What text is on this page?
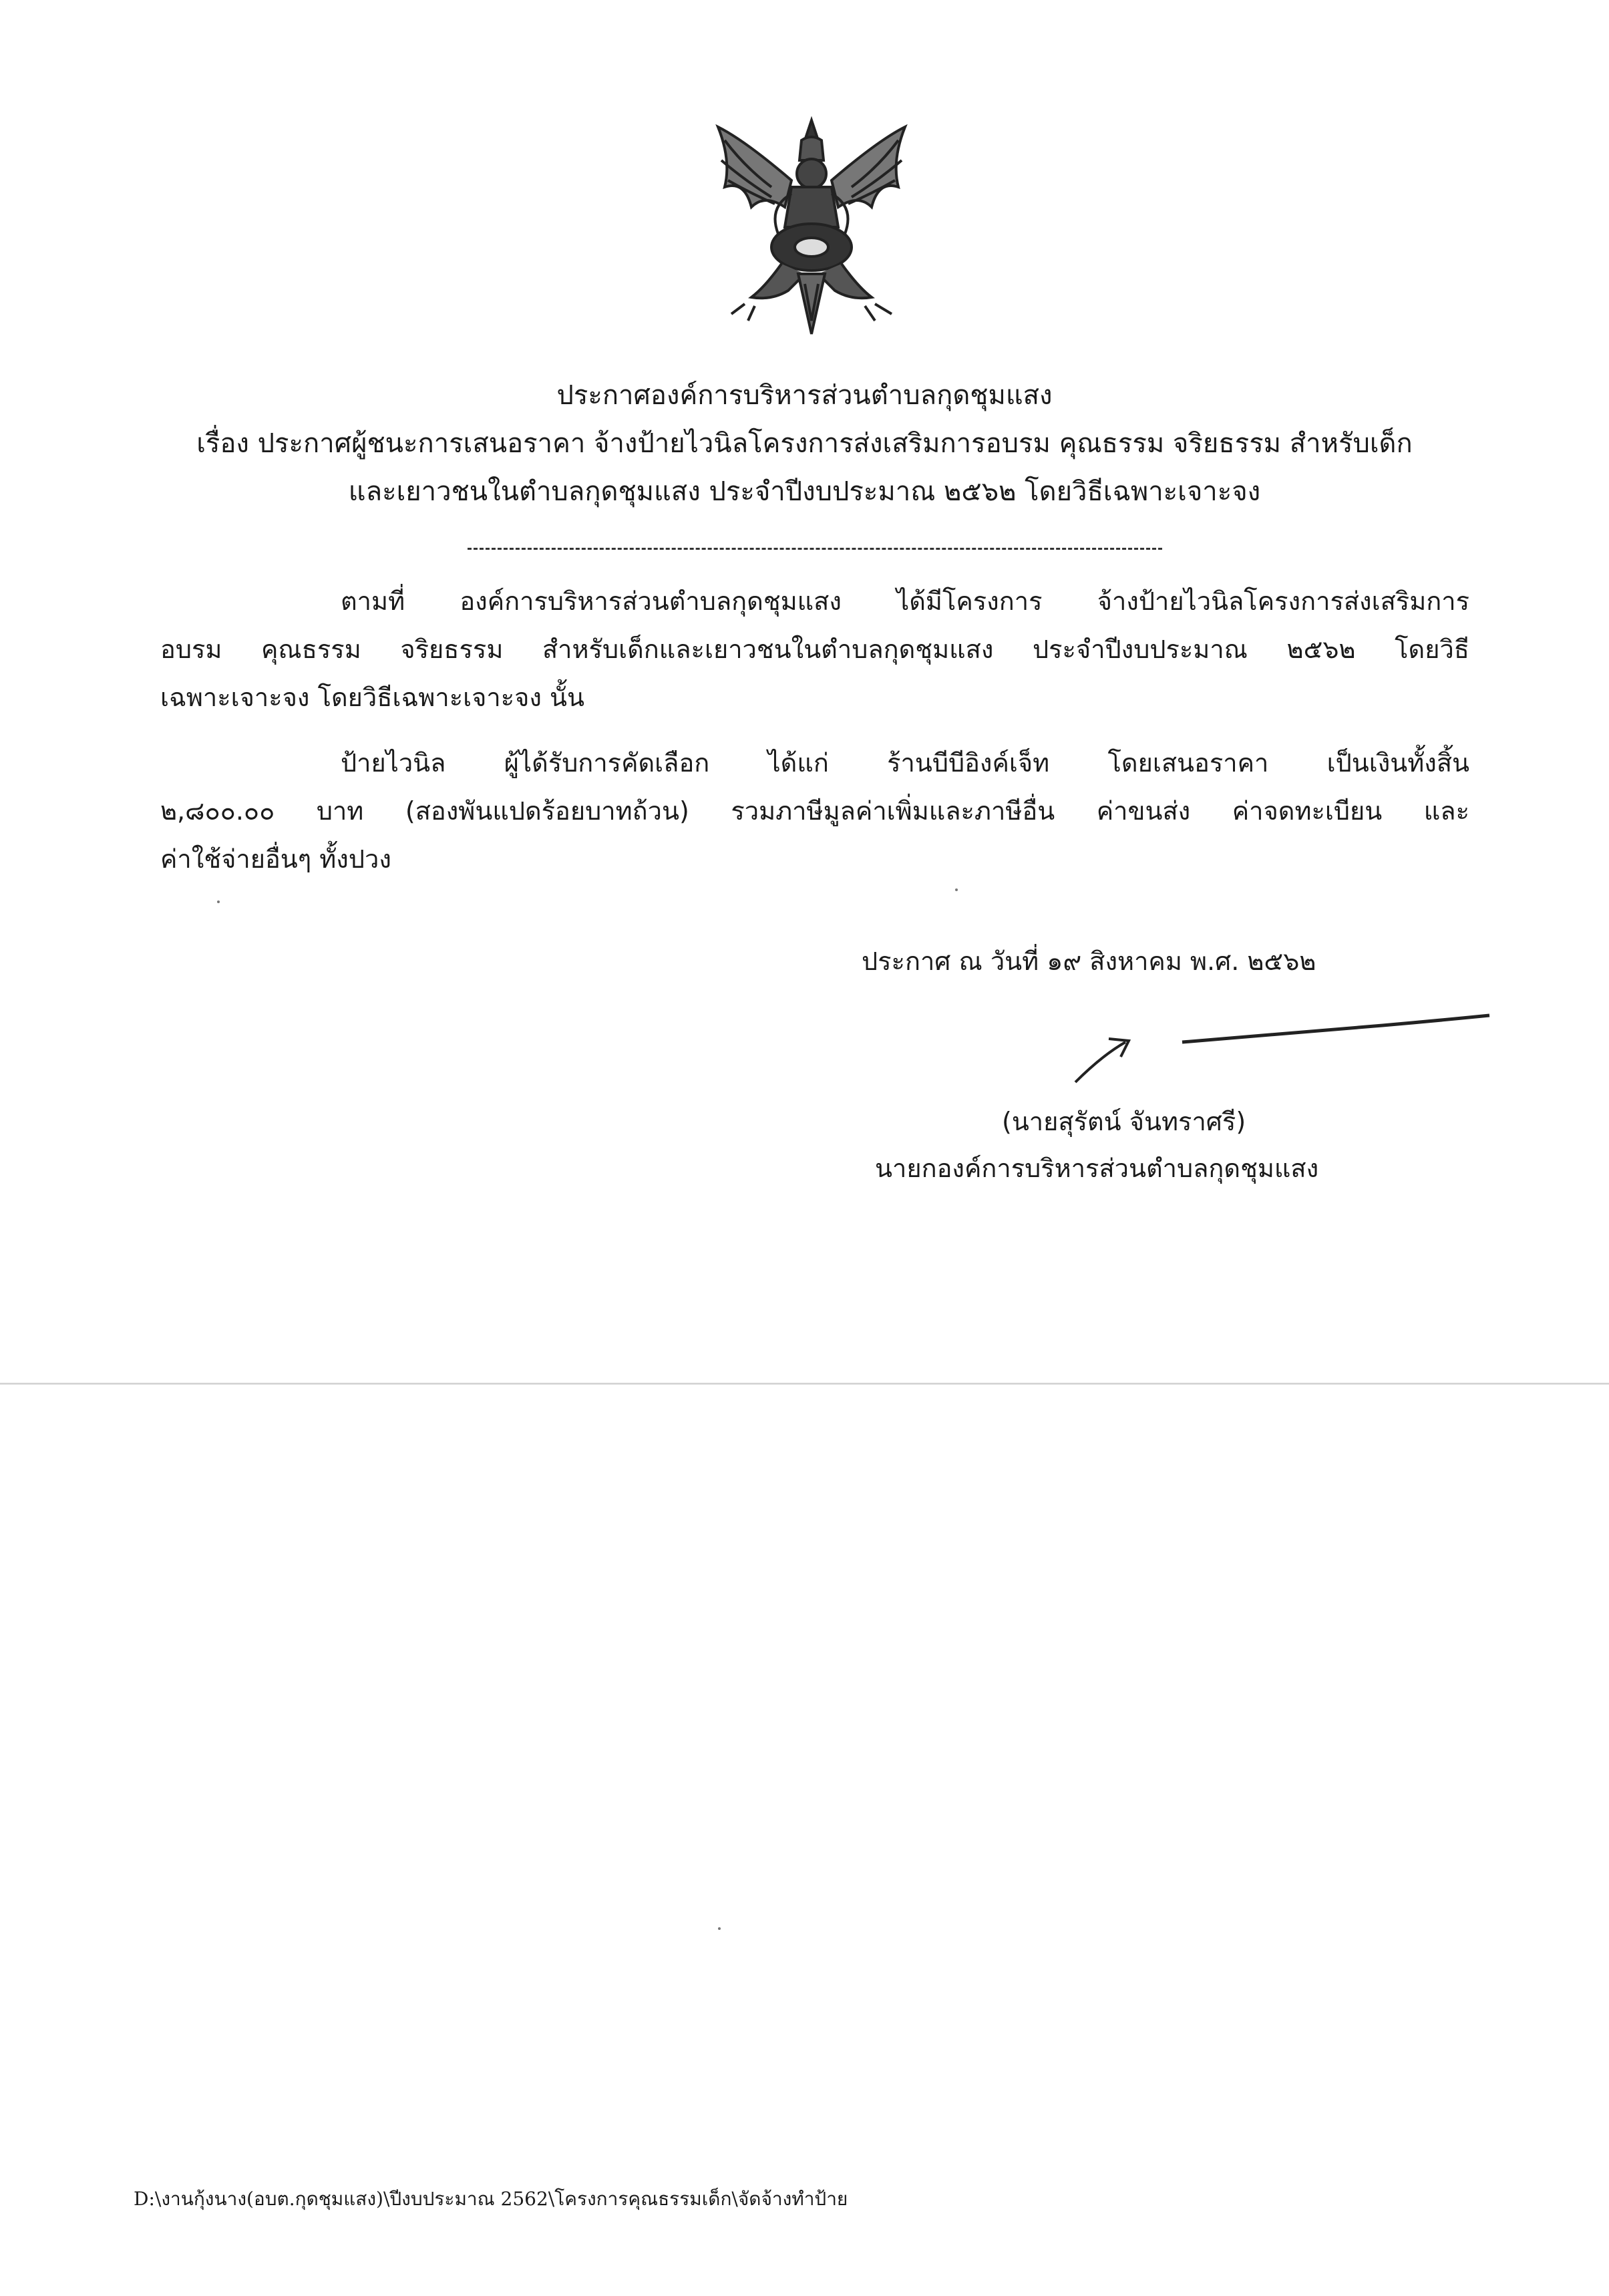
ประกาศองค์การบริหารส่วนตำบลกุดชุมแสง
เรื่อง ประกาศผู้ชนะการเสนอราคา จ้างป้ายไวนิลโครงการส่งเสริมการอบรม คุณธรรม จริยธรรม สำหรับเด็ก
และเยาวชนในตำบลกุดชุมแสง ประจำปีงบประมาณ ๒๕๖๒ โดยวิธีเฉพาะเจาะจง
ตามที่ องค์การบริหารส่วนตำบลกุดชุมแสง ได้มีโครงการ จ้างป้ายไวนิลโครงการส่งเสริมการ
อบรม คุณธรรม จริยธรรม สำหรับเด็กและเยาวชนในตำบลกุดชุมแสง ประจำปีงบประมาณ ๒๕๖๒ โดยวิธี
เฉพาะเจาะจง โดยวิธีเฉพาะเจาะจง นั้น
ป้ายไวนิล ผู้ได้รับการคัดเลือก ได้แก่ ร้านบีบีอิงค์เจ็ท โดยเสนอราคา เป็นเงินทั้งสิ้น
๒,๘๐๐.๐๐ บาท (สองพันแปดร้อยบาทถ้วน) รวมภาษีมูลค่าเพิ่มและภาษีอื่น ค่าขนส่ง ค่าจดทะเบียน และ
ค่าใช้จ่ายอื่นๆ ทั้งปวง
ประกาศ ณ วันที่ ๑๙ สิงหาคม พ.ศ. ๒๕๖๒
(นายสุรัตน์ จันทราศรี)
นายกองค์การบริหารส่วนตำบลกุดชุมแสง
D:\งานกุ้งนาง(อบต.กุดชุมแสง)\ปีงบประมาณ 2562\โครงการคุณธรรมเด็ก\จัดจ้างทำป้าย
